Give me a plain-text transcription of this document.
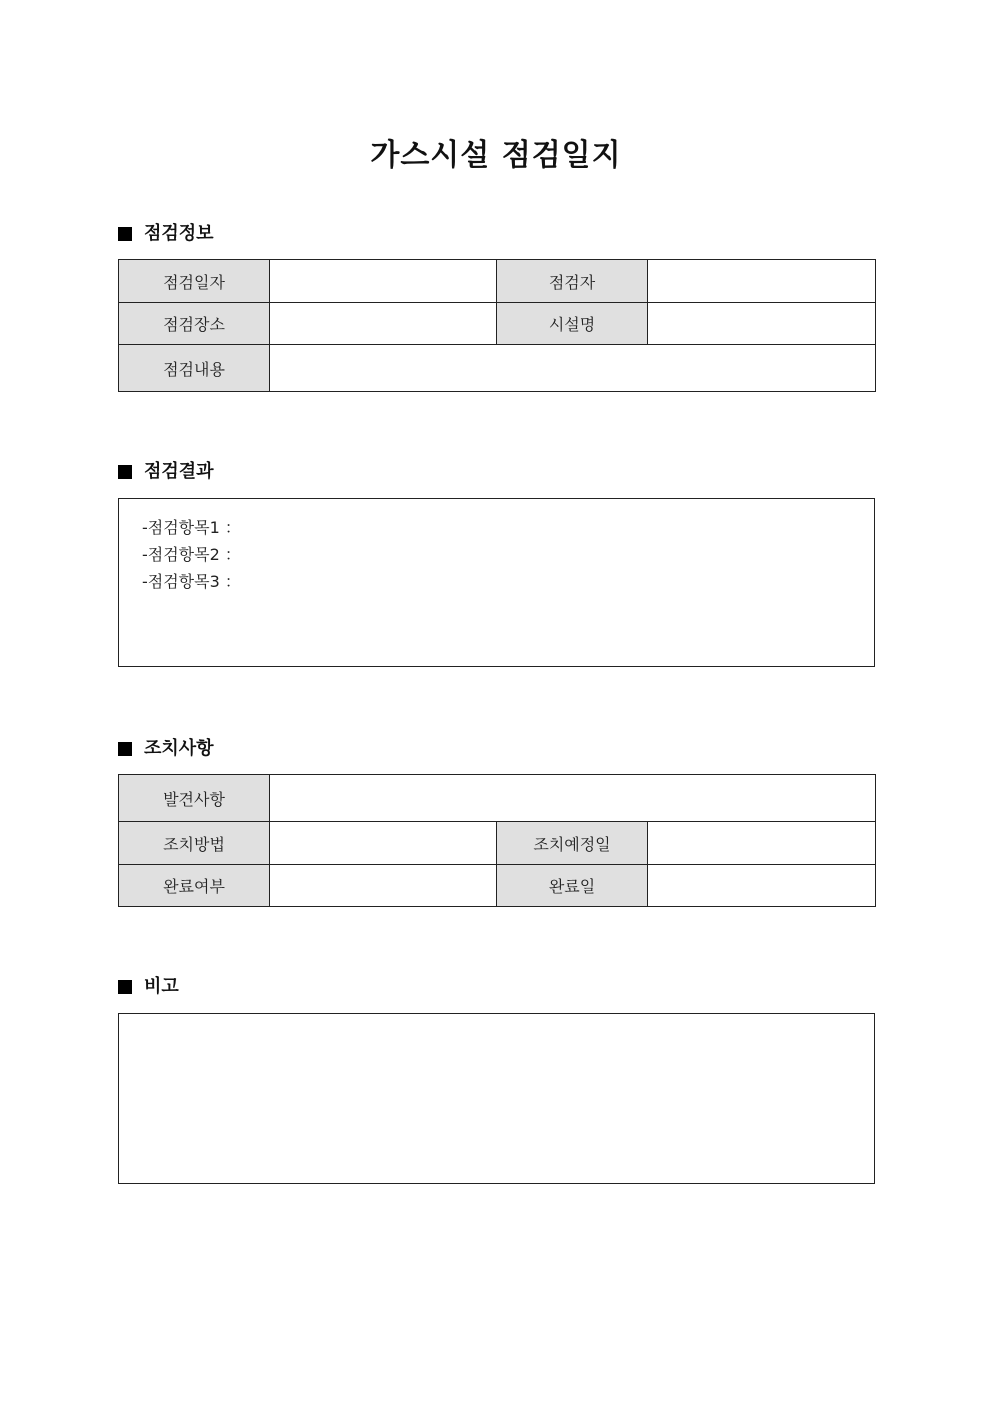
가스시설 점검일지
점검정보
점검일자		점검자	
점검장소		시설명	
점검내용			
점검결과
-점검항목1 ：
-점검항목2 ：
-점검항목3 ：
조치사항
발견사항			
조치방법		조치예정일	
완료여부		완료일	
비고
